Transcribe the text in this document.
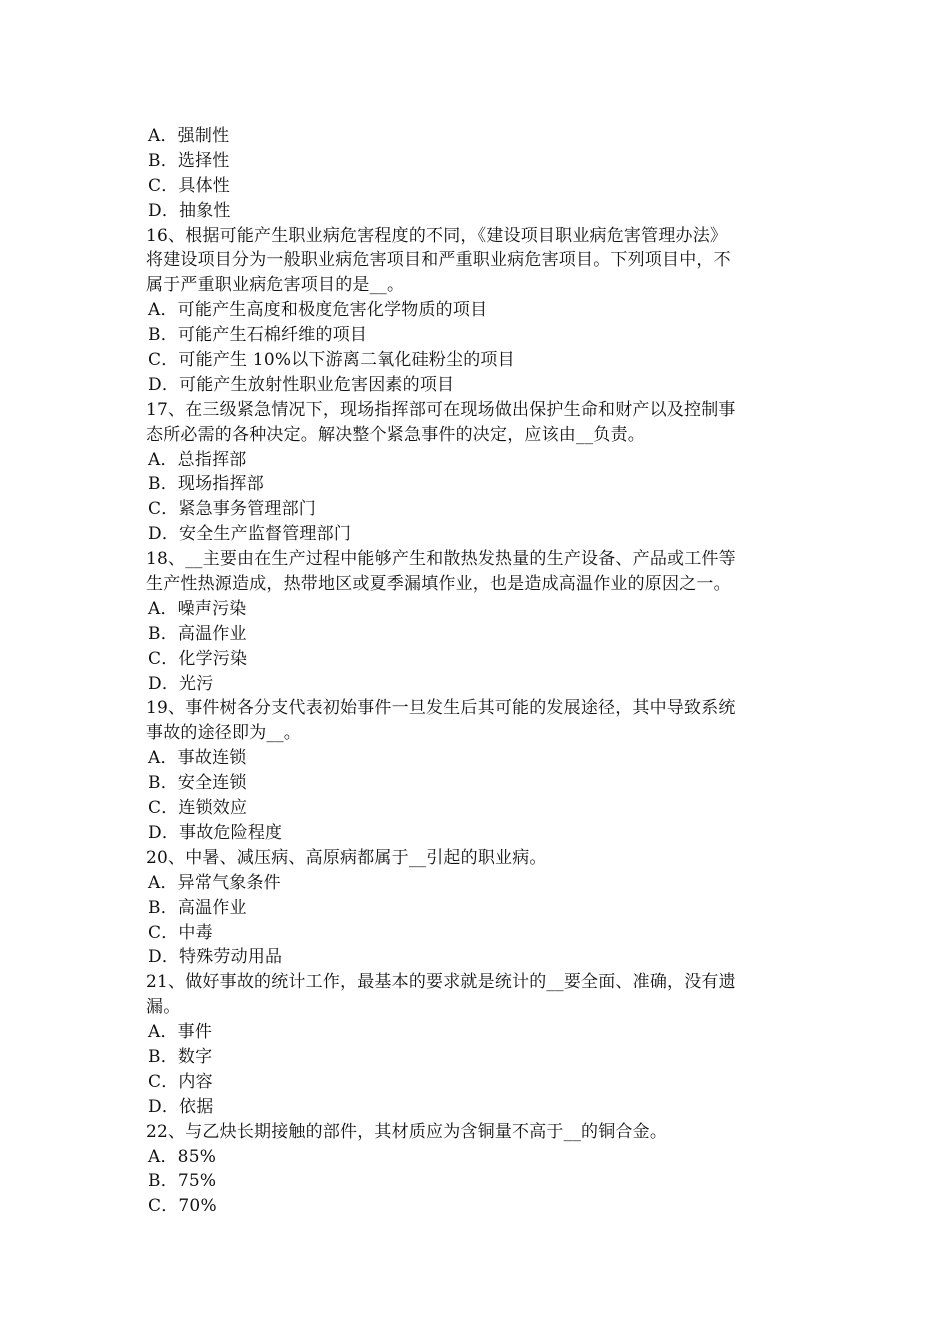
A．强制性
B．选择性
C．具体性
D．抽象性
16、根据可能产生职业病危害程度的不同，《建设项目职业病危害管理办法》
将建设项目分为一般职业病危害项目和严重职业病危害项目。下列项目中，不
属于严重职业病危害项目的是__。
A．可能产生高度和极度危害化学物质的项目
B．可能产生石棉纤维的项目
C．可能产生 10%以下游离二氧化硅粉尘的项目
D．可能产生放射性职业危害因素的项目
17、在三级紧急情况下，现场指挥部可在现场做出保护生命和财产以及控制事
态所必需的各种决定。解决整个紧急事件的决定，应该由__负责。
A．总指挥部
B．现场指挥部
C．紧急事务管理部门
D．安全生产监督管理部门
18、__主要由在生产过程中能够产生和散热发热量的生产设备、产品或工件等
生产性热源造成，热带地区或夏季漏填作业，也是造成高温作业的原因之一。
A．噪声污染
B．高温作业
C．化学污染
D．光污
19、事件树各分支代表初始事件一旦发生后其可能的发展途径，其中导致系统
事故的途径即为__。
A．事故连锁
B．安全连锁
C．连锁效应
D．事故危险程度
20、中暑、减压病、高原病都属于__引起的职业病。
A．异常气象条件
B．高温作业
C．中毒
D．特殊劳动用品
21、做好事故的统计工作，最基本的要求就是统计的__要全面、准确，没有遗
漏。
A．事件
B．数字
C．内容
D．依据
22、与乙炔长期接触的部件，其材质应为含铜量不高于__的铜合金。
A．85%
B．75%
C．70%
